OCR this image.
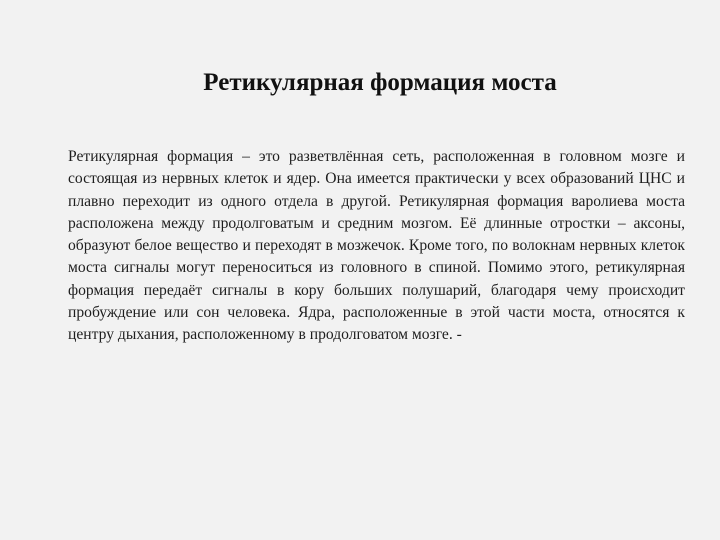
Ретикулярная формация моста

Ретикулярная формация – это разветвлённая сеть, расположенная в головном мозге и состоящая из нервных клеток и ядер. Она имеется практически у всех образований ЦНС и плавно переходит из одного отдела в другой. Ретикулярная формация варолиева моста расположена между продолговатым и средним мозгом. Её длинные отростки – аксоны, образуют белое вещество и переходят в мозжечок. Кроме того, по волокнам нервных клеток моста сигналы могут переноситься из головного в спиной. Помимо этого, ретикулярная формация передаёт сигналы в кору больших полушарий, благодаря чему происходит пробуждение или сон человека. Ядра, расположенные в этой части моста, относятся к центру дыхания, расположенному в продолговатом мозге. -
